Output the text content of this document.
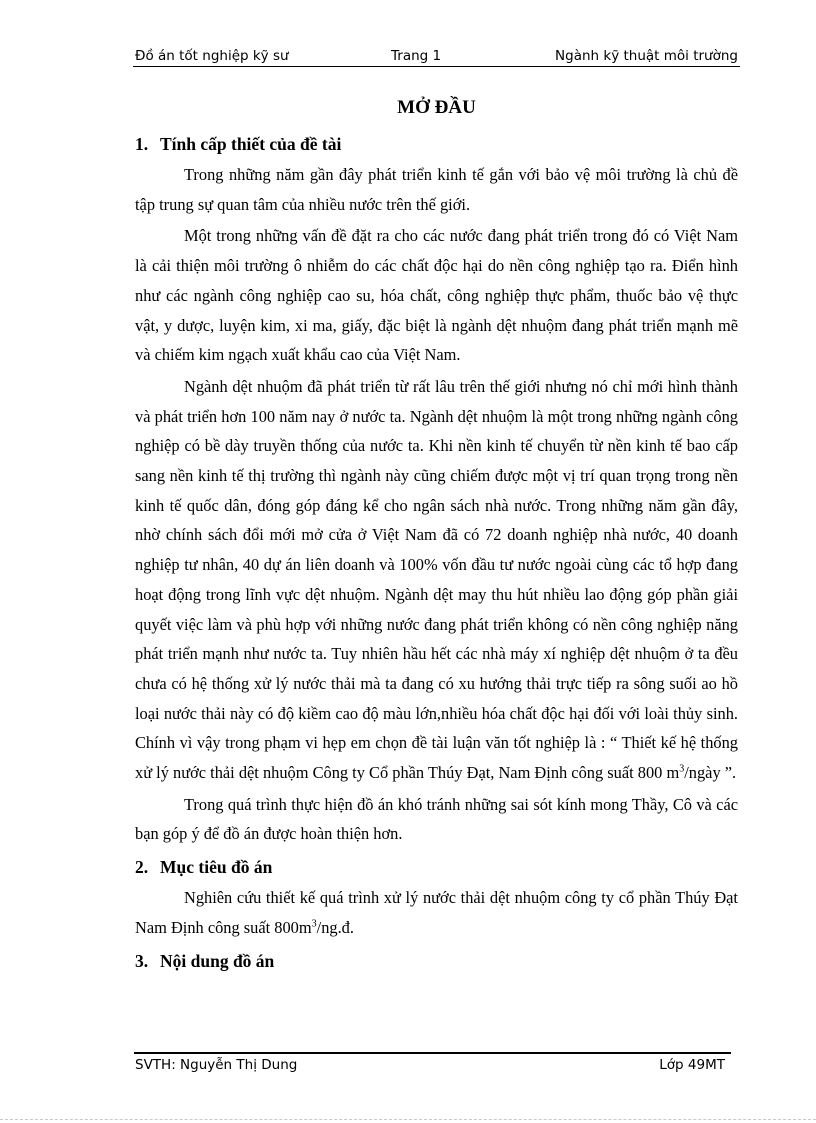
Đồ án tốt nghiệp kỹ sư	Trang 1	Ngành kỹ thuật môi trường
MỞ ĐẦU
1. Tính cấp thiết của đề tài

Trong những năm gần đây phát triển kinh tế gắn với bảo vệ môi trường là chủ đề tập trung sự quan tâm của nhiều nước trên thế giới.

Một trong những vấn đề đặt ra cho các nước đang phát triển trong đó có Việt Nam là cải thiện môi trường ô nhiễm do các chất độc hại do nền công nghiệp tạo ra. Điển hình như các ngành công nghiệp cao su, hóa chất, công nghiệp thực phẩm, thuốc bảo vệ thực vật, y dược, luyện kim, xi ma, giấy, đặc biệt là ngành dệt nhuộm đang phát triển mạnh mẽ và chiếm kim ngạch xuất khẩu cao của Việt Nam.

Ngành dệt nhuộm đã phát triển từ rất lâu trên thế giới nhưng nó chỉ mới hình thành và phát triển hơn 100 năm nay ở nước ta. Ngành dệt nhuộm là một trong những ngành công nghiệp có bề dày truyền thống của nước ta. Khi nền kinh tế chuyển từ nền kinh tế bao cấp sang nền kinh tế thị trường thì ngành này cũng chiếm được một vị trí quan trọng trong nền kinh tế quốc dân, đóng góp đáng kể cho ngân sách nhà nước. Trong những năm gần đây, nhờ chính sách đổi mới mở cửa ở Việt Nam đã có 72 doanh nghiệp nhà nước, 40 doanh nghiệp tư nhân, 40 dự án liên doanh và 100% vốn đầu tư nước ngoài cùng các tổ hợp đang hoạt động trong lĩnh vực dệt nhuộm. Ngành dệt may thu hút nhiều lao động góp phần giải quyết việc làm và phù hợp với những nước đang phát triển không có nền công nghiệp năng phát triển mạnh như nước ta. Tuy nhiên hầu hết các nhà máy xí nghiệp dệt nhuộm ở ta đều chưa có hệ thống xử lý nước thải mà ta đang có xu hướng thải trực tiếp ra sông suối ao hồ loại nước thải này có độ kiềm cao độ màu lớn,nhiều hóa chất độc hại đối với loài thủy sinh. Chính vì vậy trong phạm vi hẹp em chọn đề tài luận văn tốt nghiệp là : “ Thiết kế hệ thống xử lý nước thải dệt nhuộm Công ty Cổ phần Thúy Đạt, Nam Định công suất 800 $m^3$/ngày ”.

Trong quá trình thực hiện đồ án khó tránh những sai sót kính mong Thầy, Cô và các bạn góp ý để đồ án được hoàn thiện hơn.

2. Mục tiêu đồ án

Nghiên cứu thiết kế quá trình xử lý nước thải dệt nhuộm công ty cổ phần Thúy Đạt Nam Định công suất $800m^3/ng.đ$.

3. Nội dung đồ án
SVTH: Nguyễn Thị Dung	Lớp 49MT
